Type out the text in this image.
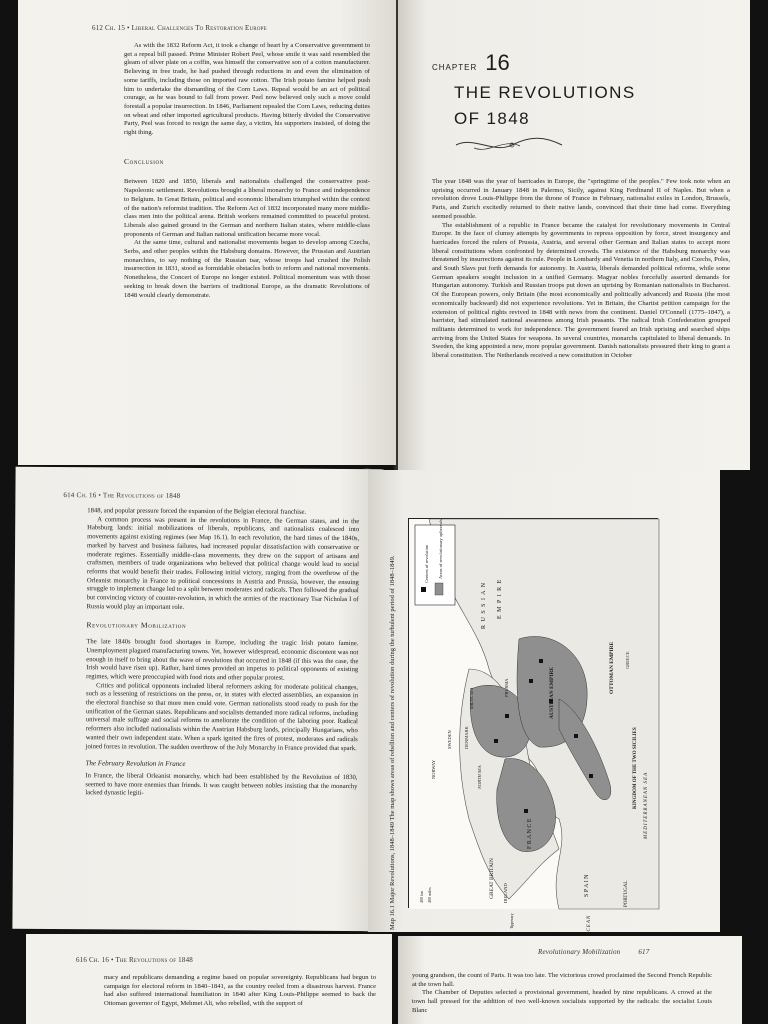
612 Ch. 15 • Liberal Challenges To Restoration Europe

As with the 1832 Reform Act, it took a change of heart by a Conservative government to get a repeal bill passed. Prime Minister Robert Peel, whose smile it was said resembled the gleam of silver plate on a coffin, was himself the conservative son of a cotton manufacturer. Believing in free trade, he had pushed through reductions in and even the elimination of some tariffs, including those on imported raw cotton. The Irish potato famine helped push him to undertake the dismantling of the Corn Laws. Repeal would be an act of political courage, as he was bound to fall from power. Peel now believed only such a move could forestall a popular insurrection. In 1846, Parliament repealed the Corn Laws, reducing duties on wheat and other imported agricultural products. Having bitterly divided the Conservative Party, Peel was forced to resign the same day, a victim, his supporters insisted, of doing the right thing.

Conclusion

Between 1820 and 1850, liberals and nationalists challenged the conservative post-Napoleonic settlement. Revolutions brought a liberal monarchy to France and independence to Belgium. In Great Britain, political and economic liberalism triumphed within the context of the nation's reformist tradition. The Reform Act of 1832 incorporated many more middle-class men into the political arena. British workers remained committed to peaceful protest. Liberals also gained ground in the German and northern Italian states, where middle-class proponents of German and Italian national unification became more vocal.

At the same time, cultural and nationalist movements began to develop among Czechs, Serbs, and other peoples within the Habsburg domains. However, the Prussian and Austrian monarchies, to say nothing of the Russian tsar, whose troops had crushed the Polish insurrection in 1831, stood as formidable obstacles both to reform and national movements. Nonetheless, the Concert of Europe no longer existed. Political momentum was with those seeking to break down the barriers of traditional Europe, as the dramatic Revolutions of 1848 would clearly demonstrate.

CHAPTER 16
THE REVOLUTIONS
OF 1848

The year 1848 was the year of barricades in Europe, the "springtime of the peoples." Few took note when an uprising occurred in January 1848 in Palermo, Sicily, against King Ferdinand II of Naples. But when a revolution drove Louis-Philippe from the throne of France in February, nationalist exiles in London, Brussels, Paris, and Zurich excitedly returned to their native lands, convinced that their time had come. Everything seemed possible.

The establishment of a republic in France became the catalyst for revolutionary movements in Central Europe. In the face of clumsy attempts by governments to repress opposition by force, street insurgency and barricades forced the rulers of Prussia, Austria, and several other German and Italian states to accept more liberal constitutions when confronted by determined crowds. The existence of the Habsburg monarchy was threatened by insurrections against its rule. People in Lombardy and Venetia in northern Italy, and Czechs, Poles, and South Slavs put forth demands for autonomy. In Austria, liberals demanded political reforms, while some German speakers sought inclusion in a unified Germany. Magyar nobles forcefully asserted demands for Hungarian autonomy. Turkish and Russian troops put down an uprising by Romanian nationalists in Bucharest. Of the European powers, only Britain (the most economically and politically advanced) and Russia (the most economically backward) did not experience revolutions. Yet in Britain, the Chartist petition campaign for the extension of political rights revived in 1848 with news from the continent. Daniel O'Connell (1775–1847), a barrister, had stimulated national awareness among Irish peasants. The radical Irish Confederation grouped militants determined to work for independence. The government feared an Irish uprising and searched ships arriving from the United States for weapons. In several countries, monarchs capitulated to liberal demands. In Sweden, the king appointed a new, more popular government. Danish nationalists pressured their king to grant a liberal constitution. The Netherlands received a new constitution in October

614 Ch. 16 • The Revolutions of 1848

1848, and popular pressure forced the expansion of the Belgian electoral franchise.

A common process was present in the revolutions in France, the German states, and in the Habsburg lands: initial mobilizations of liberals, republicans, and nationalists coalesced into movements against existing regimes (see Map 16.1). In each revolution, the hard times of the 1840s, marked by harvest and business failures, had increased popular dissatisfaction with conservative or moderate regimes. Essentially middle-class movements, they drew on the support of artisans and craftsmen, members of trade organizations who believed that political change would lead to social reforms that would benefit their trades. Following initial victory, ranging from the overthrow of the Orleanist monarchy in France to political concessions in Austria and Prussia, however, the ensuing struggle to implement change led to a split between moderates and radicals. Then followed the gradual but convincing victory of counter-revolution, in which the armies of the reactionary Tsar Nicholas I of Russia would play an important role.

Revolutionary Mobilization

The late 1840s brought food shortages in Europe, including the tragic Irish potato famine. Unemployment plagued manufacturing towns. Yet, however widespread, economic discontent was not enough in itself to bring about the wave of revolutions that occurred in 1848 (if this was the case, the Irish would have risen up). Rather, hard times provided an impetus to political opponents of existing regimes, which were preoccupied with food riots and other popular protest.

Critics and political opponents included liberal reformers asking for moderate political changes, such as a lessening of restrictions on the press, or, in states with elected assemblies, an expansion in the electoral franchise so that more men could vote. German nationalists stood ready to push for the unification of the German states. Republicans and socialists demanded more radical reforms, including universal male suffrage and social reforms to ameliorate the condition of the laboring poor. Radical reformers also included nationalists within the Austrian Habsburg lands, principally Hungarians, who wanted their own independent state. When a spark ignited the fires of protest, moderates and radicals joined forces in revolution. The sudden overthrow of the July Monarchy in France provided that spark.

The February Revolution in France

In France, the liberal Orleanist monarchy, which had been established by the Revolution of 1830, seemed to have more enemies than friends. It was caught between nobles insisting that the monarchy lacked dynastic legiti-	Map 16.1 Major Revolutions, 1848–1849 The map shows areas of rebellion and centers of revolution during the turbulent period of 1848–1849.	Centers of revolution Areas of revolutionary upheavals
R U S S I A N E M P I R E
OTTOMAN EMPIRE
KINGDOM OF THE TWO SICILIES
AUSTRIAN EMPIRE
F R A N C E
S P A I N	PORTUGAL
GREAT BRITAIN IRELAND
MEDITERRANEAN SEA
NORTH SEA
DENMARK
SWEDEN
NORWAY
GREECE
PRUSSIA
BALTIC SEA
Tipperary
400 km 400 miles
616 Ch. 16 • The Revolutions of 1848

macy and republicans demanding a regime based on popular sovereignty. Republicans had begun to campaign for electoral reform in 1840–1841, as the country reeled from a disastrous harvest. France had also suffered international humiliation in 1840 after King Louis-Philippe seemed to back the Ottoman governor of Egypt, Mehmet Ali, who rebelled, with the support of

Revolutionary Mobilization	617

young grandson, the count of Paris. It was too late. The victorious crowd proclaimed the Second French Republic at the town hall.

The Chamber of Deputies selected a provisional government, headed by nine republicans. A crowd at the town hall pressed for the addition of two well-known socialists supported by the radicals: the socialist Louis Blanc
